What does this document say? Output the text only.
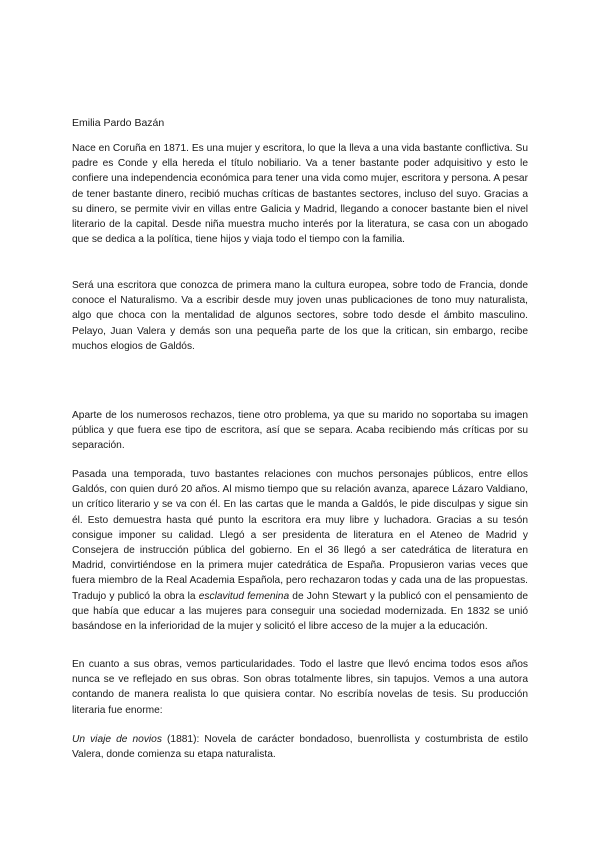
Emilia Pardo Bazán

Nace en Coruña en 1871. Es una mujer y escritora, lo que la lleva a una vida bastante conflictiva. Su padre es Conde y ella hereda el título nobiliario. Va a tener bastante poder adquisitivo y esto le confiere una independencia económica para tener una vida como mujer, escritora y persona. A pesar de tener bastante dinero, recibió muchas críticas de bastantes sectores, incluso del suyo. Gracias a su dinero, se permite vivir en villas entre Galicia y Madrid, llegando a conocer bastante bien el nivel literario de la capital. Desde niña muestra mucho interés por la literatura, se casa con un abogado que se dedica a la política, tiene hijos y viaja todo el tiempo con la familia.

Será una escritora que conozca de primera mano la cultura europea, sobre todo de Francia, donde conoce el Naturalismo. Va a escribir desde muy joven unas publicaciones de tono muy naturalista, algo que choca con la mentalidad de algunos sectores, sobre todo desde el ámbito masculino. Pelayo, Juan Valera y demás son una pequeña parte de los que la critican, sin embargo, recibe muchos elogios de Galdós.

Aparte de los numerosos rechazos, tiene otro problema, ya que su marido no soportaba su imagen pública y que fuera ese tipo de escritora, así que se separa. Acaba recibiendo más críticas por su separación.

Pasada una temporada, tuvo bastantes relaciones con muchos personajes públicos, entre ellos Galdós, con quien duró 20 años. Al mismo tiempo que su relación avanza, aparece Lázaro Valdiano, un crítico literario y se va con él. En las cartas que le manda a Galdós, le pide disculpas y sigue sin él. Esto demuestra hasta qué punto la escritora era muy libre y luchadora. Gracias a su tesón consigue imponer su calidad. Llegó a ser presidenta de literatura en el Ateneo de Madrid y Consejera de instrucción pública del gobierno. En el 36 llegó a ser catedrática de literatura en Madrid, convirtiéndose en la primera mujer catedrática de España. Propusieron varias veces que fuera miembro de la Real Academia Española, pero rechazaron todas y cada una de las propuestas. Tradujo y publicó la obra la esclavitud femenina de John Stewart y la publicó con el pensamiento de que había que educar a las mujeres para conseguir una sociedad modernizada. En 1832 se unió basándose en la inferioridad de la mujer y solicitó el libre acceso de la mujer a la educación.

En cuanto a sus obras, vemos particularidades. Todo el lastre que llevó encima todos esos años nunca se ve reflejado en sus obras. Son obras totalmente libres, sin tapujos. Vemos a una autora contando de manera realista lo que quisiera contar. No escribía novelas de tesis. Su producción literaria fue enorme:

Un viaje de novios (1881): Novela de carácter bondadoso, buenrollista y costumbrista de estilo Valera, donde comienza su etapa naturalista.
